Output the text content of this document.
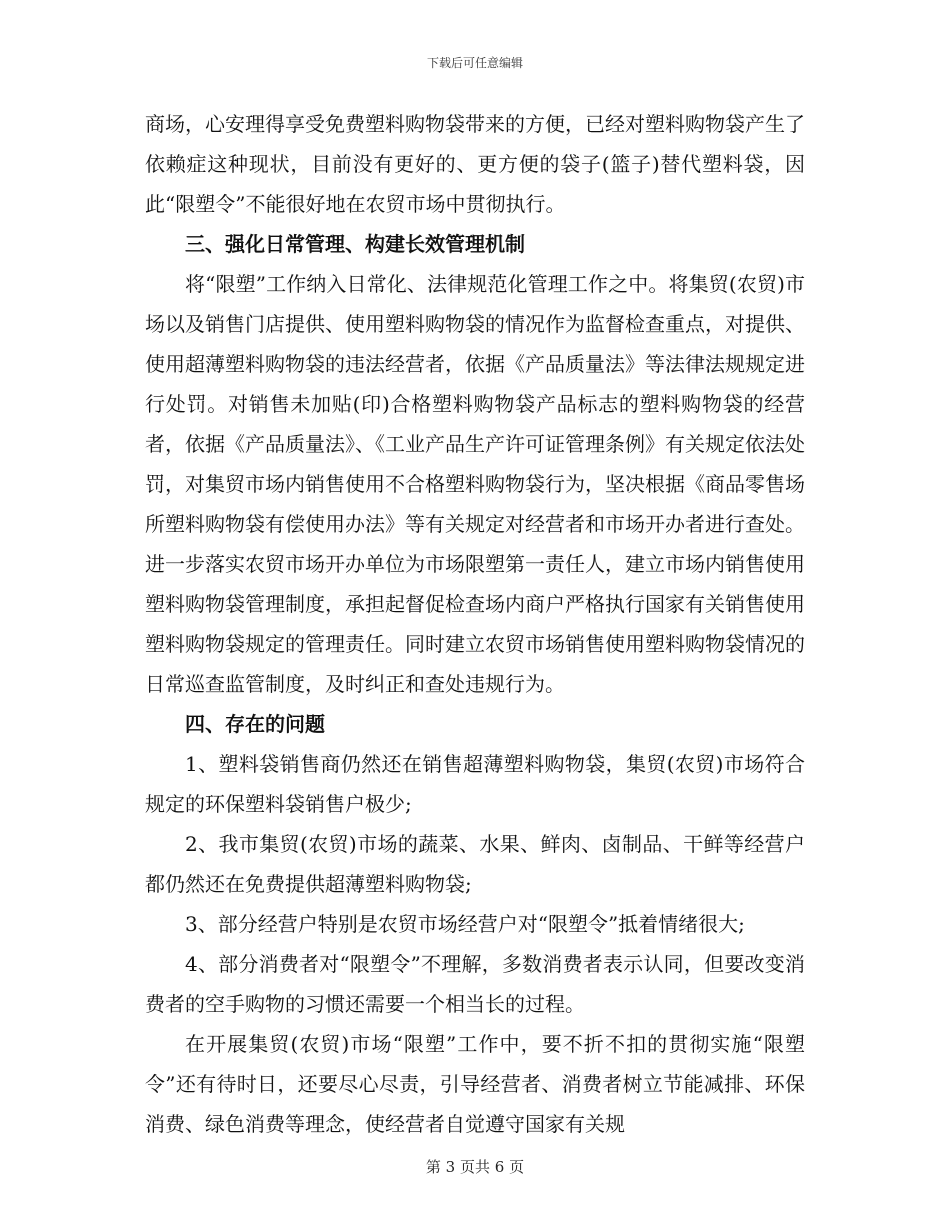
下载后可任意编辑

商场，心安理得享受免费塑料购物袋带来的方便，已经对塑料购物袋产生了依赖症这种现状，目前没有更好的、更方便的袋子(篮子)替代塑料袋，因此“限塑令”不能很好地在农贸市场中贯彻执行。

三、强化日常管理、构建长效管理机制

将“限塑”工作纳入日常化、法律规范化管理工作之中。将集贸(农贸)市场以及销售门店提供、使用塑料购物袋的情况作为监督检查重点，对提供、使用超薄塑料购物袋的违法经营者，依据《产品质量法》等法律法规规定进行处罚。对销售未加贴(印)合格塑料购物袋产品标志的塑料购物袋的经营者，依据《产品质量法》、《工业产品生产许可证管理条例》有关规定依法处罚，对集贸市场内销售使用不合格塑料购物袋行为，坚决根据《商品零售场所塑料购物袋有偿使用办法》等有关规定对经营者和市场开办者进行查处。进一步落实农贸市场开办单位为市场限塑第一责任人，建立市场内销售使用塑料购物袋管理制度，承担起督促检查场内商户严格执行国家有关销售使用塑料购物袋规定的管理责任。同时建立农贸市场销售使用塑料购物袋情况的日常巡查监管制度，及时纠正和查处违规行为。

四、存在的问题

1、塑料袋销售商仍然还在销售超薄塑料购物袋，集贸(农贸)市场符合规定的环保塑料袋销售户极少;

2、我市集贸(农贸)市场的蔬菜、水果、鲜肉、卤制品、干鲜等经营户都仍然还在免费提供超薄塑料购物袋;

3、部分经营户特别是农贸市场经营户对“限塑令”抵着情绪很大;

4、部分消费者对“限塑令”不理解，多数消费者表示认同，但要改变消费者的空手购物的习惯还需要一个相当长的过程。

在开展集贸(农贸)市场“限塑”工作中，要不折不扣的贯彻实施“限塑令”还有待时日，还要尽心尽责，引导经营者、消费者树立节能减排、环保消费、绿色消费等理念，使经营者自觉遵守国家有关规

第 3 页共 6 页
